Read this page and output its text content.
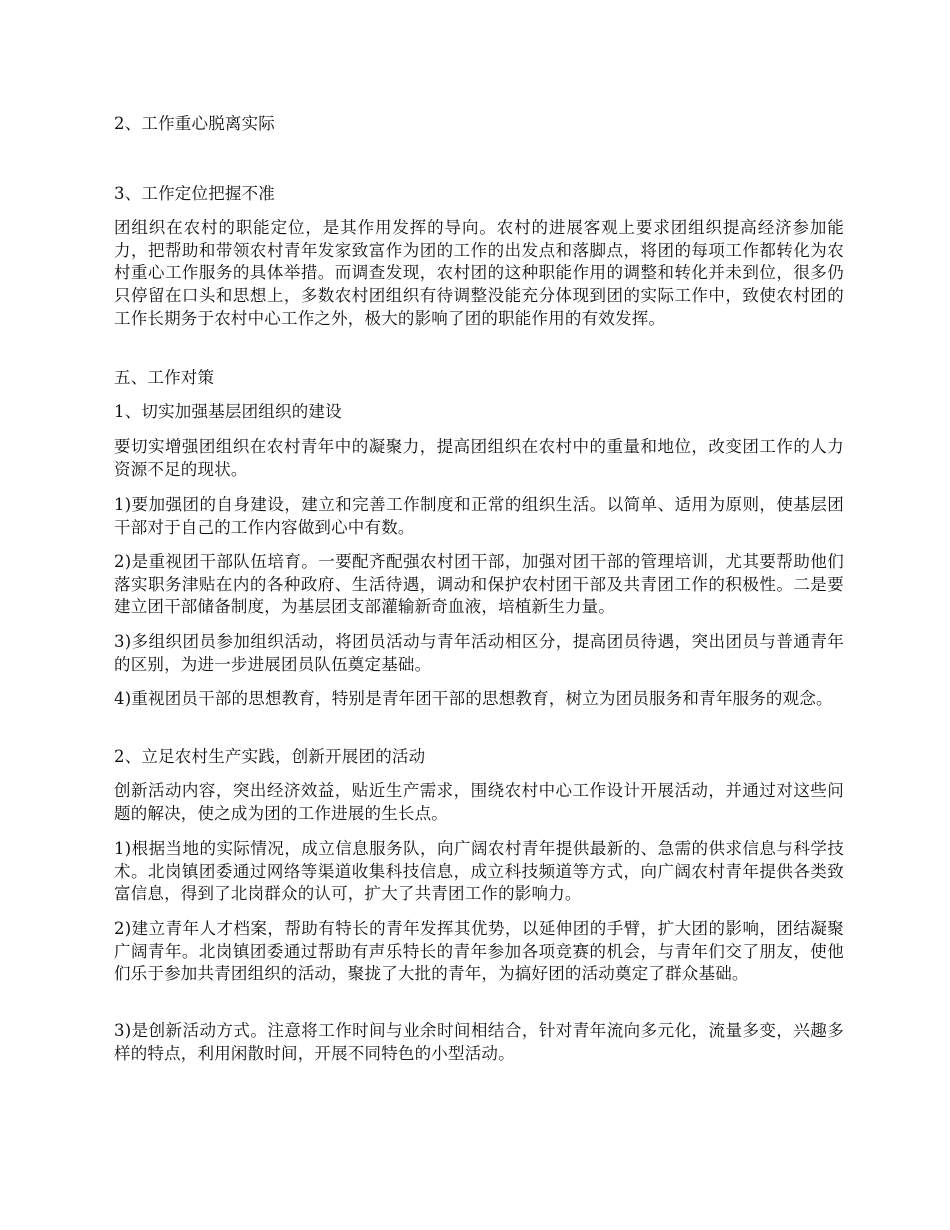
2、工作重心脱离实际

3、工作定位把握不准

团组织在农村的职能定位，是其作用发挥的导向。农村的进展客观上要求团组织提高经济参加能力，把帮助和带领农村青年发家致富作为团的工作的出发点和落脚点，将团的每项工作都转化为农村重心工作服务的具体举措。而调查发现，农村团的这种职能作用的调整和转化并未到位，很多仍只停留在口头和思想上，多数农村团组织有待调整没能充分体现到团的实际工作中，致使农村团的工作长期务于农村中心工作之外，极大的影响了团的职能作用的有效发挥。

五、工作对策

1、切实加强基层团组织的建设

要切实增强团组织在农村青年中的凝聚力，提高团组织在农村中的重量和地位，改变团工作的人力资源不足的现状。

1)要加强团的自身建设，建立和完善工作制度和正常的组织生活。以简单、适用为原则，使基层团干部对于自己的工作内容做到心中有数。

2)是重视团干部队伍培育。一要配齐配强农村团干部，加强对团干部的管理培训，尤其要帮助他们落实职务津贴在内的各种政府、生活待遇，调动和保护农村团干部及共青团工作的积极性。二是要建立团干部储备制度，为基层团支部灌输新奇血液，培植新生力量。

3)多组织团员参加组织活动，将团员活动与青年活动相区分，提高团员待遇，突出团员与普通青年的区别，为进一步进展团员队伍奠定基础。

4)重视团员干部的思想教育，特别是青年团干部的思想教育，树立为团员服务和青年服务的观念。

2、立足农村生产实践，创新开展团的活动

创新活动内容，突出经济效益，贴近生产需求，围绕农村中心工作设计开展活动，并通过对这些问题的解决，使之成为团的工作进展的生长点。

1)根据当地的实际情况，成立信息服务队，向广阔农村青年提供最新的、急需的供求信息与科学技术。北岗镇团委通过网络等渠道收集科技信息，成立科技频道等方式，向广阔农村青年提供各类致富信息，得到了北岗群众的认可，扩大了共青团工作的影响力。

2)建立青年人才档案，帮助有特长的青年发挥其优势，以延伸团的手臂，扩大团的影响，团结凝聚广阔青年。北岗镇团委通过帮助有声乐特长的青年参加各项竞赛的机会，与青年们交了朋友，使他们乐于参加共青团组织的活动，聚拢了大批的青年，为搞好团的活动奠定了群众基础。

3)是创新活动方式。注意将工作时间与业余时间相结合，针对青年流向多元化，流量多变，兴趣多样的特点，利用闲散时间，开展不同特色的小型活动。
